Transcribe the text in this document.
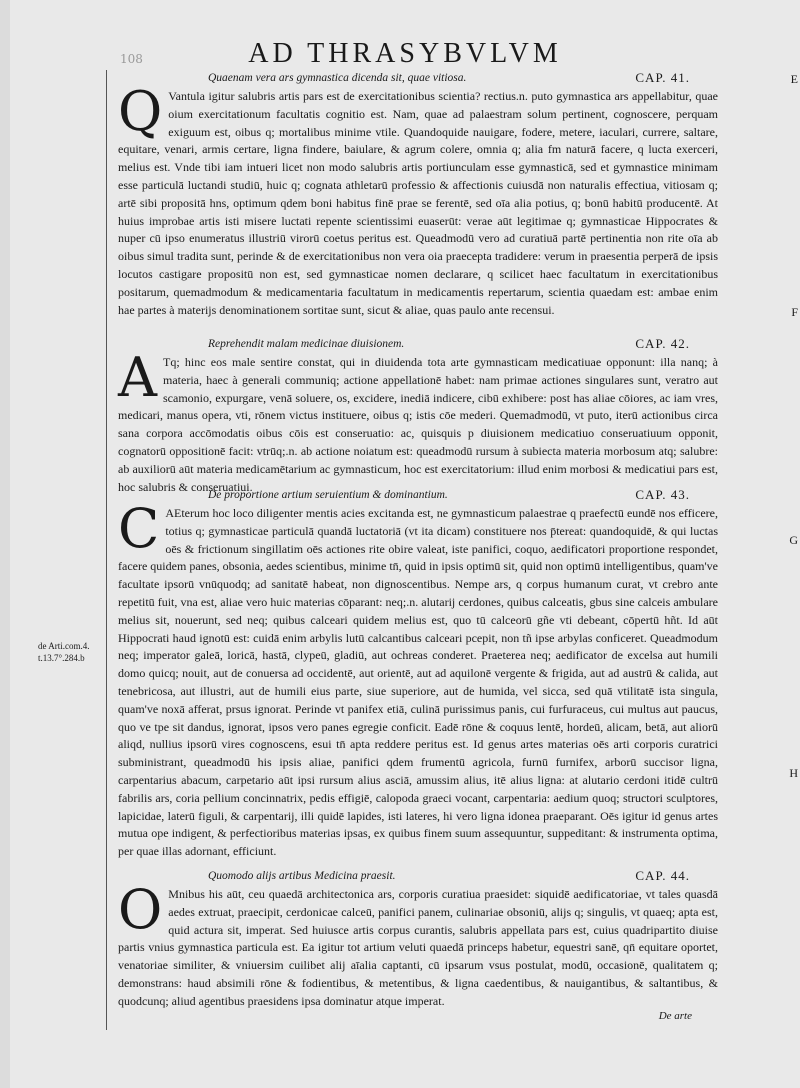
108	AD THRASYBVLVM
Quaenam vera ars gymnastica dicenda sit, quae vitiosa.	CAP. 41.
Q Vantula igitur salubris artis pars est de exercitationibus scientia? rectius.n. puto gymnastica ars appellabitur, quae oium exercitationum facultatis cognitio est. Nam, quae ad palaestram solum pertinent, cognoscere, perquam exiguum est, oibus q; mortalibus minime vtile. Quandoquide nauigare, fodere, metere, iaculari, currere, saltare, equitare, venari, armis certare, ligna findere, baiulare, & agrum colere, omnia q; alia fm naturā facere, q lucta exerceri, melius est. Vnde tibi iam intueri licet non modo salubris artis portiunculam esse gymnasticā, sed et gymnastice minimam esse particulā luctandi studiū, huic q; cognata athletarū professio & affectionis cuiusdā non naturalis effectiua, vitiosam q; artē sibi propositā hns, optimum qdem boni habitus finē prae se ferentē, sed oīa alia potius, q; bonū habitū producentē. At huius improbae artis isti misere luctati repente scientissimi euaserūt: verae aūt legitimae q; gymnasticae Hippocrates & nuper cū ipso enumeratus illustriū virorū coetus peritus est. Queadmodū vero ad curatiuā partē pertinentia non rite oīa ab oibus simul tradita sunt, perinde & de exercitationibus non vera oia praecepta tradidere: verum in praesentia perperā de ipsis locutos castigare propositū non est, sed gymnasticae nomen declarare, q scilicet haec facultatum in exercitationibus positarum, quemadmodum & medicamentaria facultatum in medicamentis repertarum, scientia quaedam est: ambae enim hae partes à materijs denominationem sortitae sunt, sicut & aliae, quas paulo ante recensui.
Reprehendit malam medicinae diuisionem.	CAP. 42.
A Tq; hinc eos male sentire constat, qui in diuidenda tota arte gymnasticam medicatiuae opponunt: illa nanq; à materia, haec à generali communiq; actione appellationē habet: nam primae actiones singulares sunt, veratro aut scamonio, expurgare, venā soluere, os, excidere, inediā indicere, cibū exhibere: post has aliae cōiores, ac iam vres, medicari, manus opera, vti, rōnem victus instituere, oibus q; istis cōe mederi. Quemadmodū, vt puto, iterū actionibus circa sana corpora accōmodatis oibus cōis est conseruatio: ac, quisquis p diuisionem medicatiuo conseruatiuum opponit, cognatorū oppositionē facit: vtrūq;.n. ab actione noiatum est: queadmodū rursum à subiecta materia morbosum atq; salubre: ab auxiliorū aūt materia medicamētarium ac gymnasticum, hoc est exercitatorium: illud enim morbosi & medicatiui pars est, hoc salubris & conseruatiui.
De proportione artium seruientium & dominantium.	CAP. 43.
C AEterum hoc loco diligenter mentis acies excitanda est, ne gymnasticum palaestrae q praefectū eundē nos efficere, totius q; gymnasticae particulā quandā luctatoriā (vt ita dicam) constituere nos p̄tereat: quandoquidē, & qui luctas oēs & frictionum singillatim oēs actiones rite obire valeat, iste panifici, coquo, aedificatori proportione respondet, facere quidem panes, obsonia, aedes scientibus, minime tn̄, quid in ipsis optimū sit, quid non optimū intelligentibus, quam've facultate ipsorū vnūquodq; ad sanitatē habeat, non dignoscentibus. Nempe ars, q corpus humanum curat, vt crebro ante repetitū fuit, vna est, aliae vero huic materias cōparant: neq;.n. alutarij cerdones, quibus calceatis, gbus sine calceis ambulare melius sit, nouerunt, sed neq; quibus calceari quidem melius est, quo tū calceorū gñe vti debeant, cōpertū hñt. Id aūt Hippocrati haud ignotū est: cuidā enim arbylis lutū calcantibus calceari pcepit, non tñ ipse arbylas conficeret. Queadmodum neq; imperator galeā, loricā, hastā, clypeū, gladiū, aut ochreas conderet. Praeterea neq; aedificator de excelsa aut humili domo quicq; nouit, aut de conuersa ad occidentē, aut orientē, aut ad aquilonē vergente & frigida, aut ad austrū & calida, aut tenebricosa, aut illustri, aut de humili eius parte, siue superiore, aut de humida, vel sicca, sed quā vtilitatē ista singula, quam've noxā afferat, prsus ignorat. Perinde vt panifex etiā, culinā purissimus panis, cui furfuraceus, cui multus aut paucus, quo ve tpe sit dandus, ignorat, ipsos vero panes egregie conficit. Eadē rōne & coquus lentē, hordeū, alicam, betā, aut aliorū aliqd, nullius ipsorū vires cognoscens, esui tn̄ apta reddere peritus est. Id genus artes materias oēs arti corporis curatrici subministrant, queadmodū his ipsis aliae, panifici qdem frumentū agricola, furnū furnifex, arborū succisor ligna, carpentarius abacum, carpetario aūt ipsi rursum alius asciā, amussim alius, itē alius ligna: at alutario cerdoni itidē cultrū fabrilis ars, coria pellium concinnatrix, pedis effigiē, calopoda graeci vocant, carpentaria: aedium quoq; structori sculptores, lapicidae, laterū figuli, & carpentarij, illi quidē lapides, isti lateres, hi vero ligna idonea praeparant. Oēs igitur id genus artes mutua ope indigent, & perfectioribus materias ipsas, ex quibus finem suum assequuntur, suppeditant: & instrumenta optima, per quae illas adornant, efficiunt.
Quomodo alijs artibus Medicina praesit.	CAP. 44.
O Mnibus his aūt, ceu quaedā architectonica ars, corporis curatiua praesidet: siquidē aedificatoriae, vt tales quasdā aedes extruat, praecipit, cerdonicae calceū, panifici panem, culinariae obsoniū, alijs q; singulis, vt quaeq; apta est, quid actura sit, imperat. Sed huiusce artis corpus curantis, salubris appellata pars est, cuius quadripartito diuise partis vnius gymnastica particula est. Ea igitur tot artium veluti quaedā princeps habetur, equestri sanē, qn̄ equitare oportet, venatoriae similiter, & vniuersim cuilibet alij aīalia captanti, cū ipsarum vsus postulat, modū, occasionē, qualitatem q; demonstrans: haud absimili rōne & fodientibus, & metentibus, & ligna caedentibus, & nauigantibus, & saltantibus, & quodcunq; aliud agentibus praesidens ipsa dominatur atque imperat.
E
F
G
H
de Arti.com.4. t.13.7°.284.b
De arte
